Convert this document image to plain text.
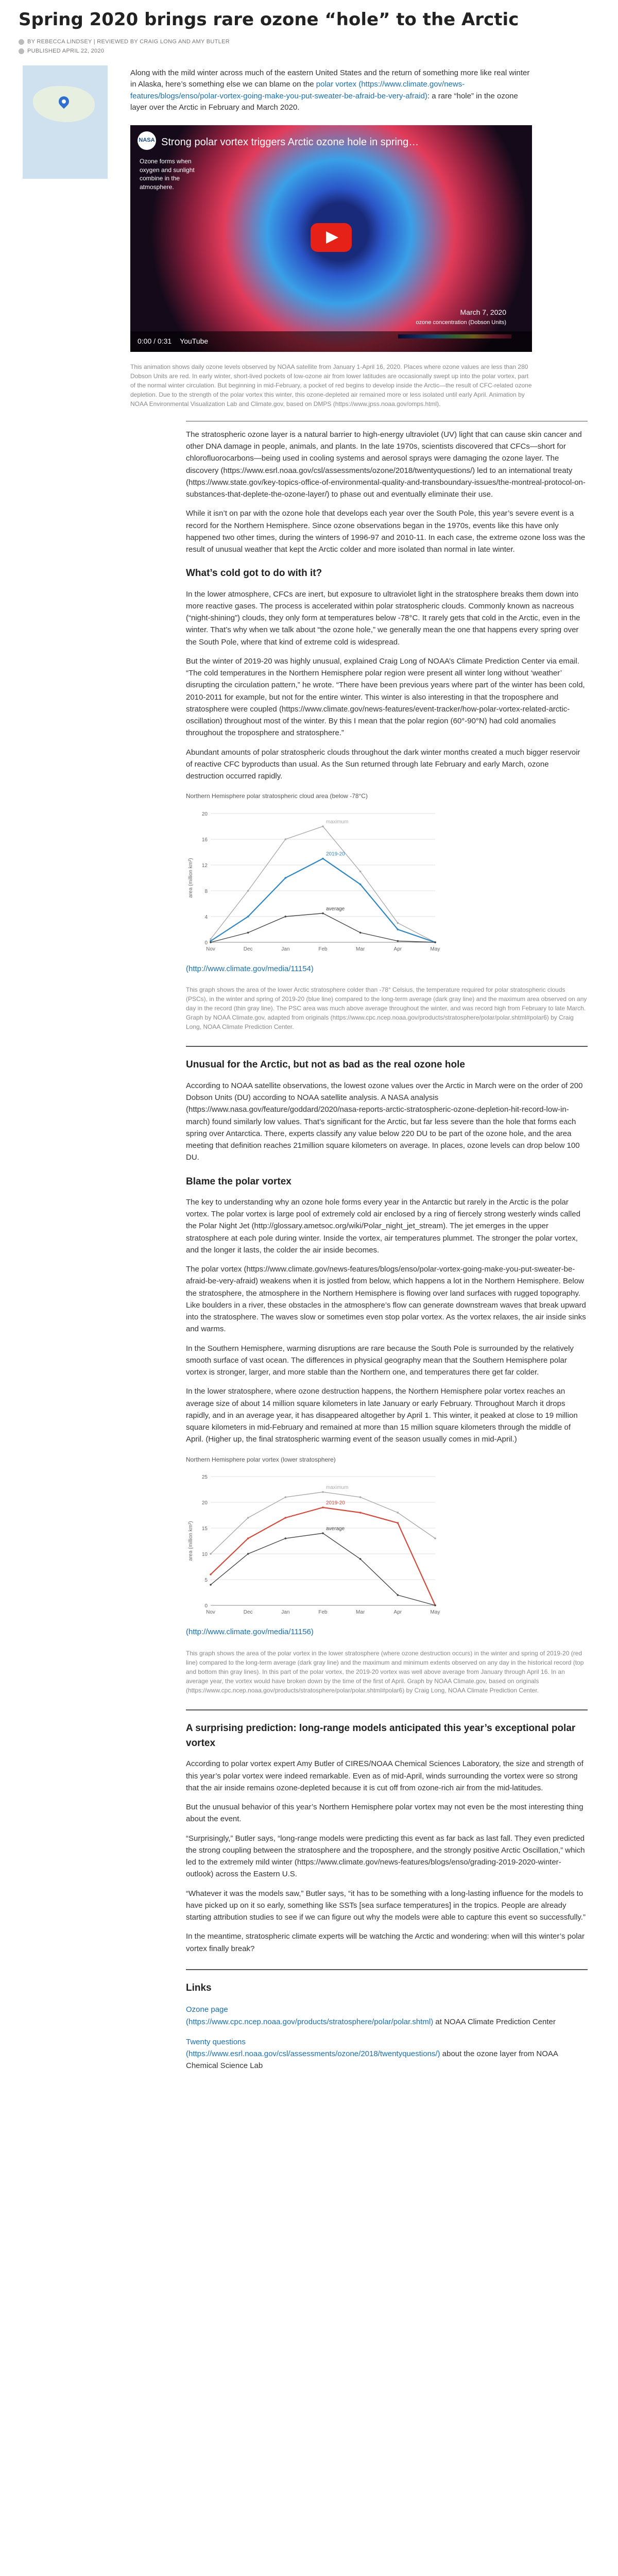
Spring 2020 brings rare ozone “hole” to the Arctic
BY REBECCA LINDSEY | REVIEWED BY CRAIG LONG AND AMY BUTLER
PUBLISHED APRIL 22, 2020

Along with the mild winter across much of the eastern United States and the return of something more like real winter in Alaska, here’s something else we can blame on the polar vortex (https://www.climate.gov/news-features/blogs/enso/polar-vortex-going-make-you-put-sweater-be-afraid-be-very-afraid): a rare “hole” in the ozone layer over the Arctic in February and March 2020.

NASA Strong polar vortex triggers Arctic ozone hole in spring…
Ozone forms when oxygen and sunlight combine in the atmosphere.
March 7, 2020
ozone concentration (Dobson Units)
0:00 / 0:31 YouTube

This animation shows daily ozone levels observed by NOAA satellite from January 1-April 16, 2020. Places where ozone values are less than 280 Dobson Units are red. In early winter, short-lived pockets of low-ozone air from lower latitudes are occasionally swept up into the polar vortex, part of the normal winter circulation. But beginning in mid-February, a pocket of red begins to develop inside the Arctic—the result of CFC-related ozone depletion. Due to the strength of the polar vortex this winter, this ozone-depleted air remained more or less isolated until early April. Animation by NOAA Environmental Visualization Lab and Climate.gov, based on DMPS (https://www.jpss.noaa.gov/omps.html).

The stratospheric ozone layer is a natural barrier to high-energy ultraviolet (UV) light that can cause skin cancer and other DNA damage in people, animals, and plants. In the late 1970s, scientists discovered that CFCs—short for chlorofluorocarbons—being used in cooling systems and aerosol sprays were damaging the ozone layer. The discovery (https://www.esrl.noaa.gov/csl/assessments/ozone/2018/twentyquestions/) led to an international treaty (https://www.state.gov/key-topics-office-of-environmental-quality-and-transboundary-issues/the-montreal-protocol-on-substances-that-deplete-the-ozone-layer/) to phase out and eventually eliminate their use.

While it isn’t on par with the ozone hole that develops each year over the South Pole, this year’s severe event is a record for the Northern Hemisphere. Since ozone observations began in the 1970s, events like this have only happened two other times, during the winters of 1996-97 and 2010-11. In each case, the extreme ozone loss was the result of unusual weather that kept the Arctic colder and more isolated than normal in late winter.

What’s cold got to do with it?

In the lower atmosphere, CFCs are inert, but exposure to ultraviolet light in the stratosphere breaks them down into more reactive gases. The process is accelerated within polar stratospheric clouds. Commonly known as nacreous (“night-shining”) clouds, they only form at temperatures below -78°C. It rarely gets that cold in the Arctic, even in the winter. That’s why when we talk about “the ozone hole,” we generally mean the one that happens every spring over the South Pole, where that kind of extreme cold is widespread.

But the winter of 2019-20 was highly unusual, explained Craig Long of NOAA’s Climate Prediction Center via email. “The cold temperatures in the Northern Hemisphere polar region were present all winter long without ‘weather’ disrupting the circulation pattern,” he wrote. “There have been previous years where part of the winter has been cold, 2010-2011 for example, but not for the entire winter. This winter is also interesting in that the troposphere and stratosphere were coupled (https://www.climate.gov/news-features/event-tracker/how-polar-vortex-related-arctic-oscillation) throughout most of the winter. By this I mean that the polar region (60°-90°N) had cold anomalies throughout the troposphere and stratosphere.”

Abundant amounts of polar stratospheric clouds throughout the dark winter months created a much bigger reservoir of reactive CFC byproducts than usual. As the Sun returned through late February and early March, ozone destruction occurred rapidly.

Northern Hemisphere polar stratospheric cloud area (below -78°C)
0
4
8
12
16
20
Nov	Dec	Jan	Feb	Mar	Apr	May
area (million km²)
maximum
2019-20
average
(http://www.climate.gov/media/11154)

This graph shows the area of the lower Arctic stratosphere colder than -78° Celsius, the temperature required for polar stratospheric clouds (PSCs), in the winter and spring of 2019-20 (blue line) compared to the long-term average (dark gray line) and the maximum area observed on any day in the record (thin gray line). The PSC area was much above average throughout the winter, and was record high from February to late March. Graph by NOAA Climate.gov, adapted from originals (https://www.cpc.ncep.noaa.gov/products/stratosphere/polar/polar.shtml#polar6) by Craig Long, NOAA Climate Prediction Center.

Unusual for the Arctic, but not as bad as the real ozone hole

According to NOAA satellite observations, the lowest ozone values over the Arctic in March were on the order of 200 Dobson Units (DU) according to NOAA satellite analysis. A NASA analysis (https://www.nasa.gov/feature/goddard/2020/nasa-reports-arctic-stratospheric-ozone-depletion-hit-record-low-in-march) found similarly low values. That’s significant for the Arctic, but far less severe than the hole that forms each spring over Antarctica. There, experts classify any value below 220 DU to be part of the ozone hole, and the area meeting that definition reaches 21million square kilometers on average. In places, ozone levels can drop below 100 DU.

Blame the polar vortex

The key to understanding why an ozone hole forms every year in the Antarctic but rarely in the Arctic is the polar vortex. The polar vortex is large pool of extremely cold air enclosed by a ring of fiercely strong westerly winds called the Polar Night Jet (http://glossary.ametsoc.org/wiki/Polar_night_jet_stream). The jet emerges in the upper stratosphere at each pole during winter. Inside the vortex, air temperatures plummet. The stronger the polar vortex, and the longer it lasts, the colder the air inside becomes.

The polar vortex (https://www.climate.gov/news-features/blogs/enso/polar-vortex-going-make-you-put-sweater-be-afraid-be-very-afraid) weakens when it is jostled from below, which happens a lot in the Northern Hemisphere. Below the stratosphere, the atmosphere in the Northern Hemisphere is flowing over land surfaces with rugged topography. Like boulders in a river, these obstacles in the atmosphere’s flow can generate downstream waves that break upward into the stratosphere. The waves slow or sometimes even stop polar vortex. As the vortex relaxes, the air inside sinks and warms.

In the Southern Hemisphere, warming disruptions are rare because the South Pole is surrounded by the relatively smooth surface of vast ocean. The differences in physical geography mean that the Southern Hemisphere polar vortex is stronger, larger, and more stable than the Northern one, and temperatures there get far colder.

In the lower stratosphere, where ozone destruction happens, the Northern Hemisphere polar vortex reaches an average size of about 14 million square kilometers in late January or early February. Throughout March it drops rapidly, and in an average year, it has disappeared altogether by April 1. This winter, it peaked at close to 19 million square kilometers in mid-February and remained at more than 15 million square kilometers through the middle of April. (Higher up, the final stratospheric warming event of the season usually comes in mid-April.)

Northern Hemisphere polar vortex (lower stratosphere)
0
5
10
15
20
25
Nov	Dec	Jan	Feb	Mar	Apr	May
area (million km²)
maximum
2019-20
average
(http://www.climate.gov/media/11156)

This graph shows the area of the polar vortex in the lower stratosphere (where ozone destruction occurs) in the winter and spring of 2019-20 (red line) compared to the long-term average (dark gray line) and the maximum and minimum extents observed on any day in the historical record (top and bottom thin gray lines). In this part of the polar vortex, the 2019-20 vortex was well above average from January through April 16. In an average year, the vortex would have broken down by the time of the first of April. Graph by NOAA Climate.gov, based on originals (https://www.cpc.ncep.noaa.gov/products/stratosphere/polar/polar.shtml#polar6) by Craig Long, NOAA Climate Prediction Center.

A surprising prediction: long-range models anticipated this year’s exceptional polar vortex

According to polar vortex expert Amy Butler of CIRES/NOAA Chemical Sciences Laboratory, the size and strength of this year’s polar vortex were indeed remarkable. Even as of mid-April, winds surrounding the vortex were so strong that the air inside remains ozone-depleted because it is cut off from ozone-rich air from the mid-latitudes.

But the unusual behavior of this year’s Northern Hemisphere polar vortex may not even be the most interesting thing about the event.

“Surprisingly,” Butler says, “long-range models were predicting this event as far back as last fall. They even predicted the strong coupling between the stratosphere and the troposphere, and the strongly positive Arctic Oscillation,” which led to the extremely mild winter (https://www.climate.gov/news-features/blogs/enso/grading-2019-2020-winter-outlook) across the Eastern U.S.

“Whatever it was the models saw,” Butler says, “it has to be something with a long-lasting influence for the models to have picked up on it so early, something like SSTs [sea surface temperatures] in the tropics. People are already starting attribution studies to see if we can figure out why the models were able to capture this event so successfully.”

In the meantime, stratospheric climate experts will be watching the Arctic and wondering: when will this winter’s polar vortex finally break?

Links
Ozone page
(https://www.cpc.ncep.noaa.gov/products/stratosphere/polar/polar.shtml) at NOAA Climate Prediction Center
Twenty questions
(https://www.esrl.noaa.gov/csl/assessments/ozone/2018/twentyquestions/) about the ozone layer from NOAA Chemical Science Lab
